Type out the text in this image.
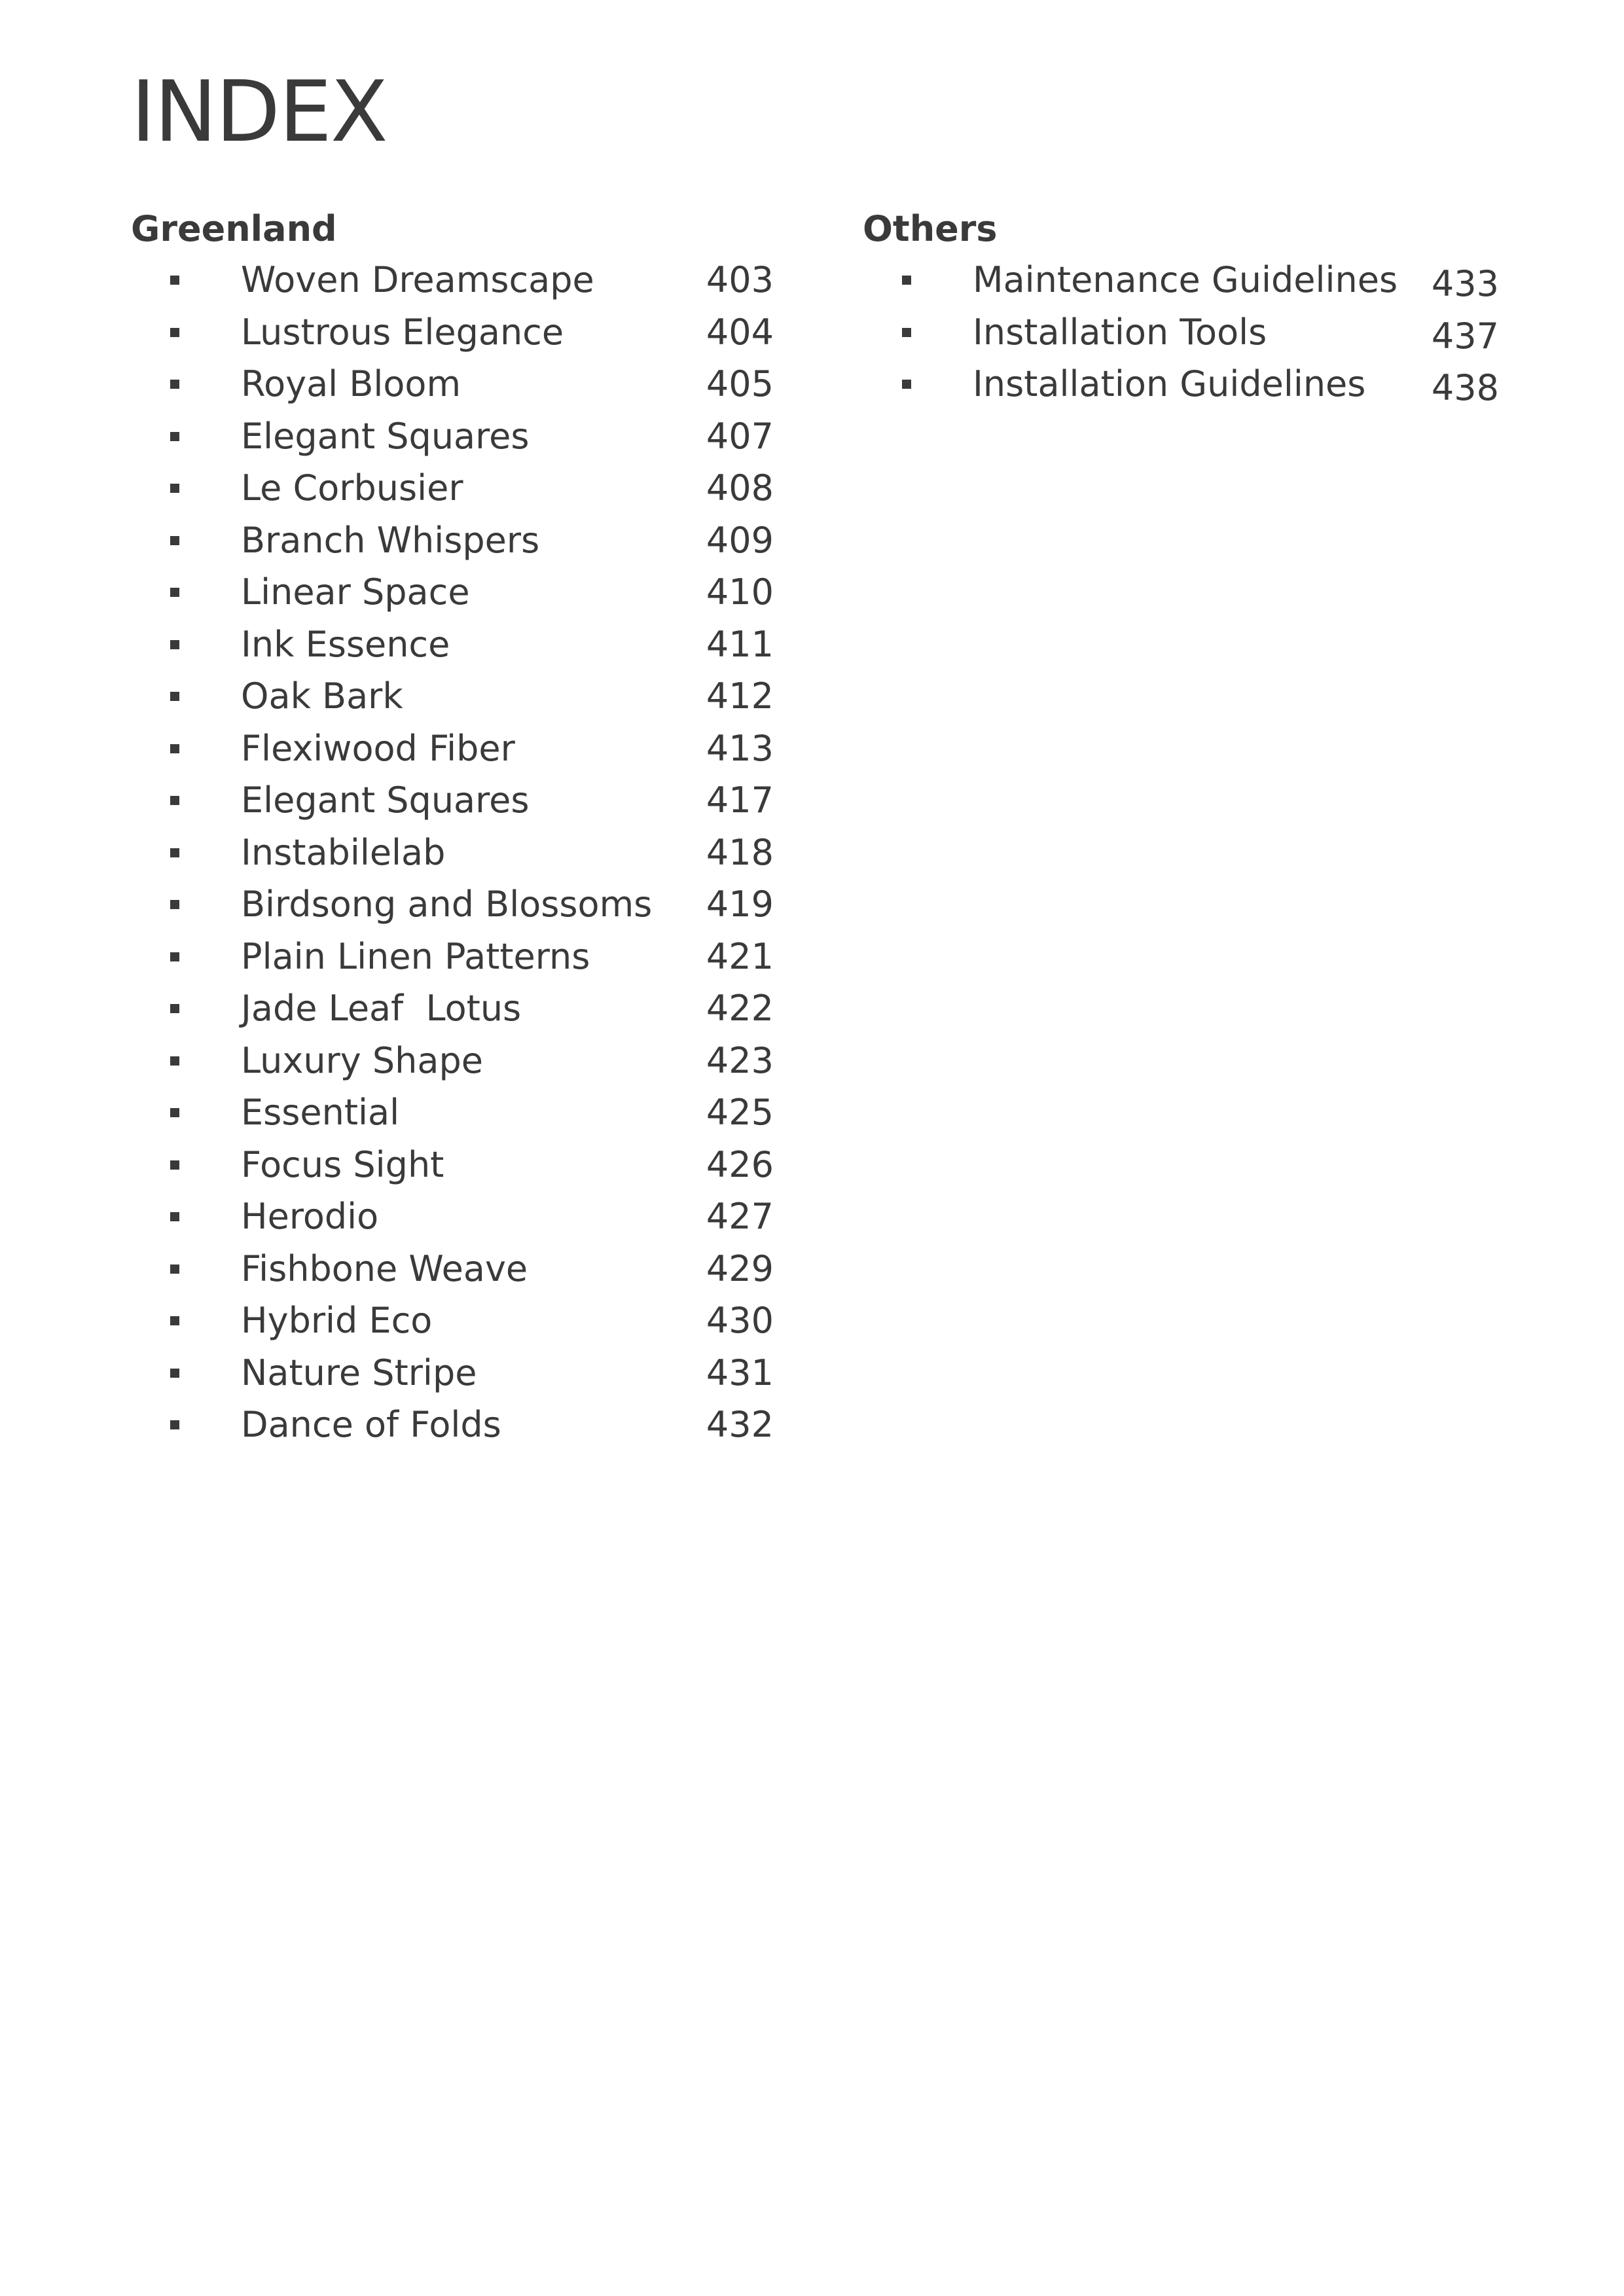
INDEX
Greenland
Woven Dreamscape	403
Lustrous Elegance	404
Royal Bloom	405
Elegant Squares	407
Le Corbusier	408
Branch Whispers	409
Linear Space	410
Ink Essence	411
Oak Bark	412
Flexiwood Fiber	413
Elegant Squares	417
Instabilelab	418
Birdsong and Blossoms	419
Plain Linen Patterns	421
Jade Leaf  Lotus	422
Luxury Shape	423
Essential	425
Focus Sight	426
Herodio	427
Fishbone Weave	429
Hybrid Eco	430
Nature Stripe	431
Dance of Folds	432
Others
Maintenance Guidelines 433
Installation Tools	437
Installation Guidelines	438
